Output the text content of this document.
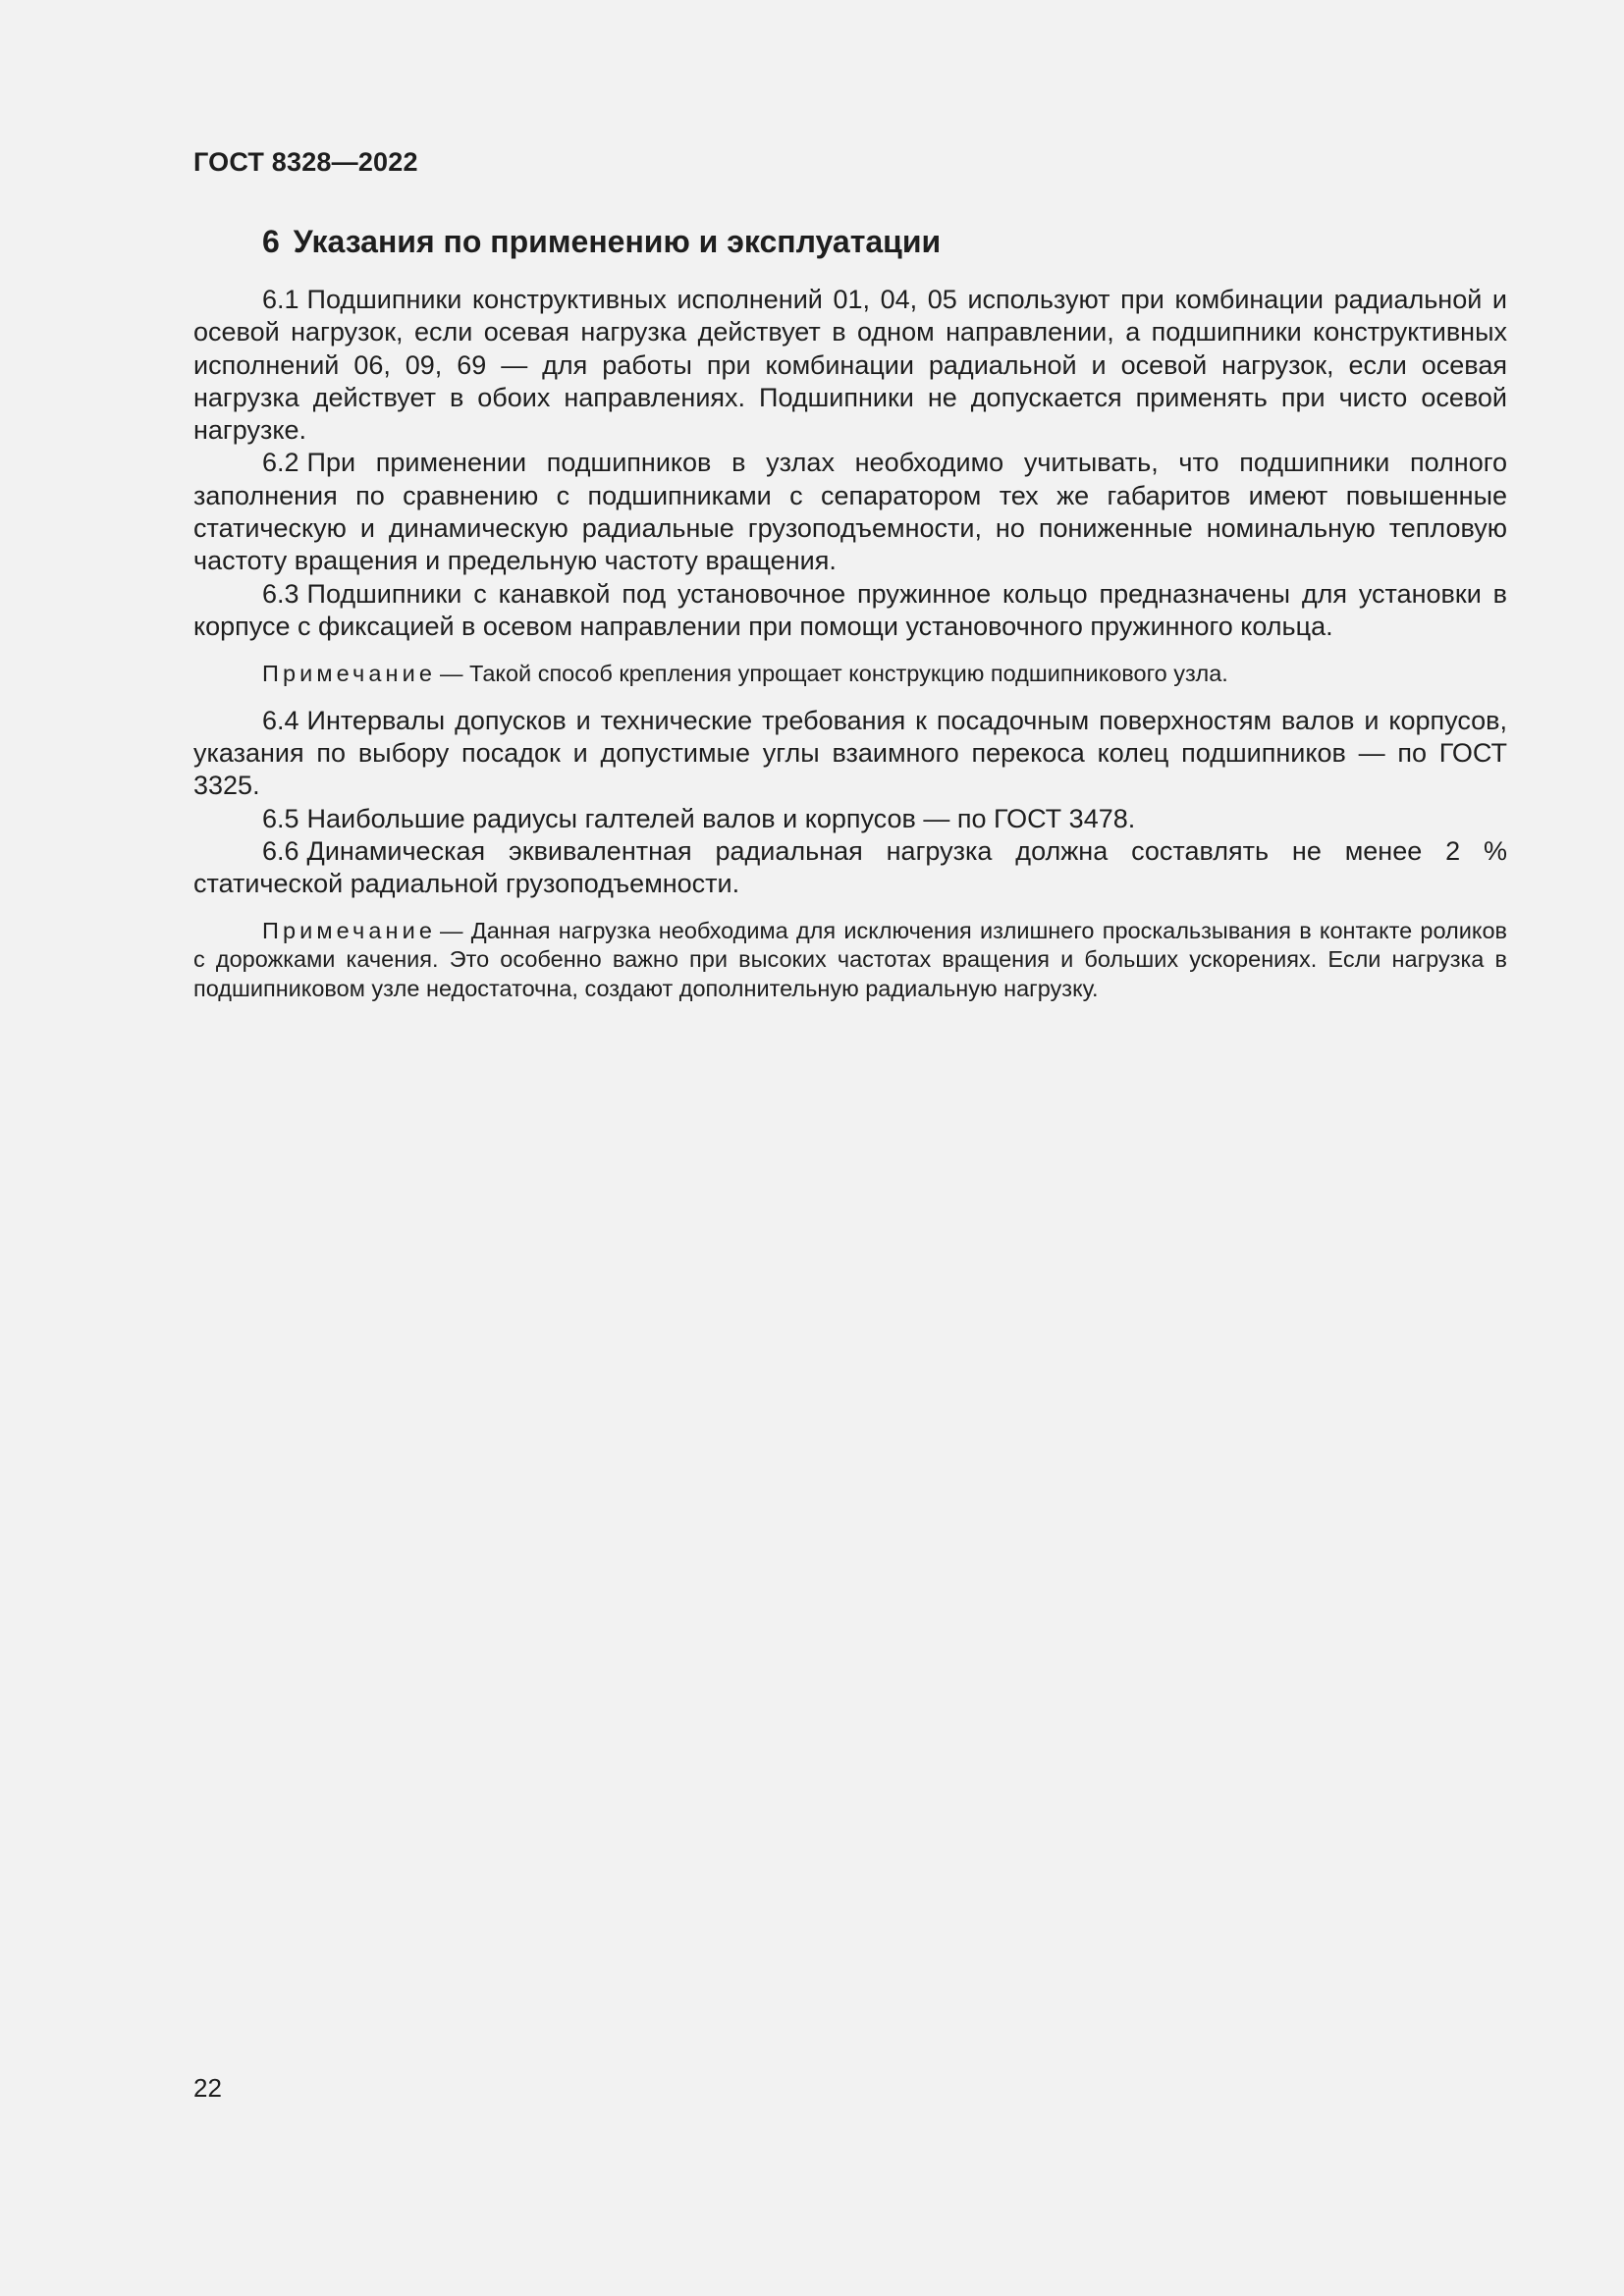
ГОСТ 8328—2022
6 Указания по применению и эксплуатации

6.1 Подшипники конструктивных исполнений 01, 04, 05 используют при комбинации радиальной и осевой нагрузок, если осевая нагрузка действует в одном направлении, а подшипники конструктивных исполнений 06, 09, 69 — для работы при комбинации радиальной и осевой нагрузок, если осевая нагрузка действует в обоих направлениях. Подшипники не допускается применять при чисто осевой нагрузке.

6.2 При применении подшипников в узлах необходимо учитывать, что подшипники полного заполнения по сравнению с подшипниками с сепаратором тех же габаритов имеют повышенные статическую и динамическую радиальные грузоподъемности, но пониженные номинальную тепловую частоту вращения и предельную частоту вращения.

6.3 Подшипники с канавкой под установочное пружинное кольцо предназначены для установки в корпусе с фиксацией в осевом направлении при помощи установочного пружинного кольца.

Примечание — Такой способ крепления упрощает конструкцию подшипникового узла.

6.4 Интервалы допусков и технические требования к посадочным поверхностям валов и корпусов, указания по выбору посадок и допустимые углы взаимного перекоса колец подшипников — по ГОСТ 3325.

6.5 Наибольшие радиусы галтелей валов и корпусов — по ГОСТ 3478.

6.6 Динамическая эквивалентная радиальная нагрузка должна составлять не менее 2 % статической радиальной грузоподъемности.

Примечание — Данная нагрузка необходима для исключения излишнего проскальзывания в контакте роликов с дорожками качения. Это особенно важно при высоких частотах вращения и больших ускорениях. Если нагрузка в подшипниковом узле недостаточна, создают дополнительную радиальную нагрузку.

22
